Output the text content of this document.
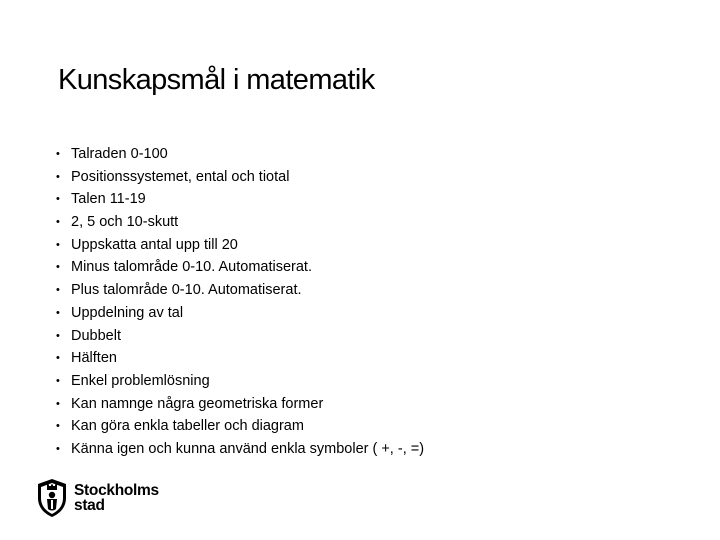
Kunskapsmål i matematik
• Talraden 0-100
• Positionssystemet, ental och tiotal
• Talen 11-19
• 2, 5 och 10-skutt
• Uppskatta antal upp till 20
• Minus talområde 0-10. Automatiserat.
• Plus talområde 0-10. Automatiserat.
• Uppdelning av tal
• Dubbelt
• Hälften
• Enkel problemlösning
• Kan namnge några geometriska former
• Kan göra enkla tabeller och diagram
• Känna igen och kunna använd enkla symboler ( +, -, =)
Stockholms
stad
